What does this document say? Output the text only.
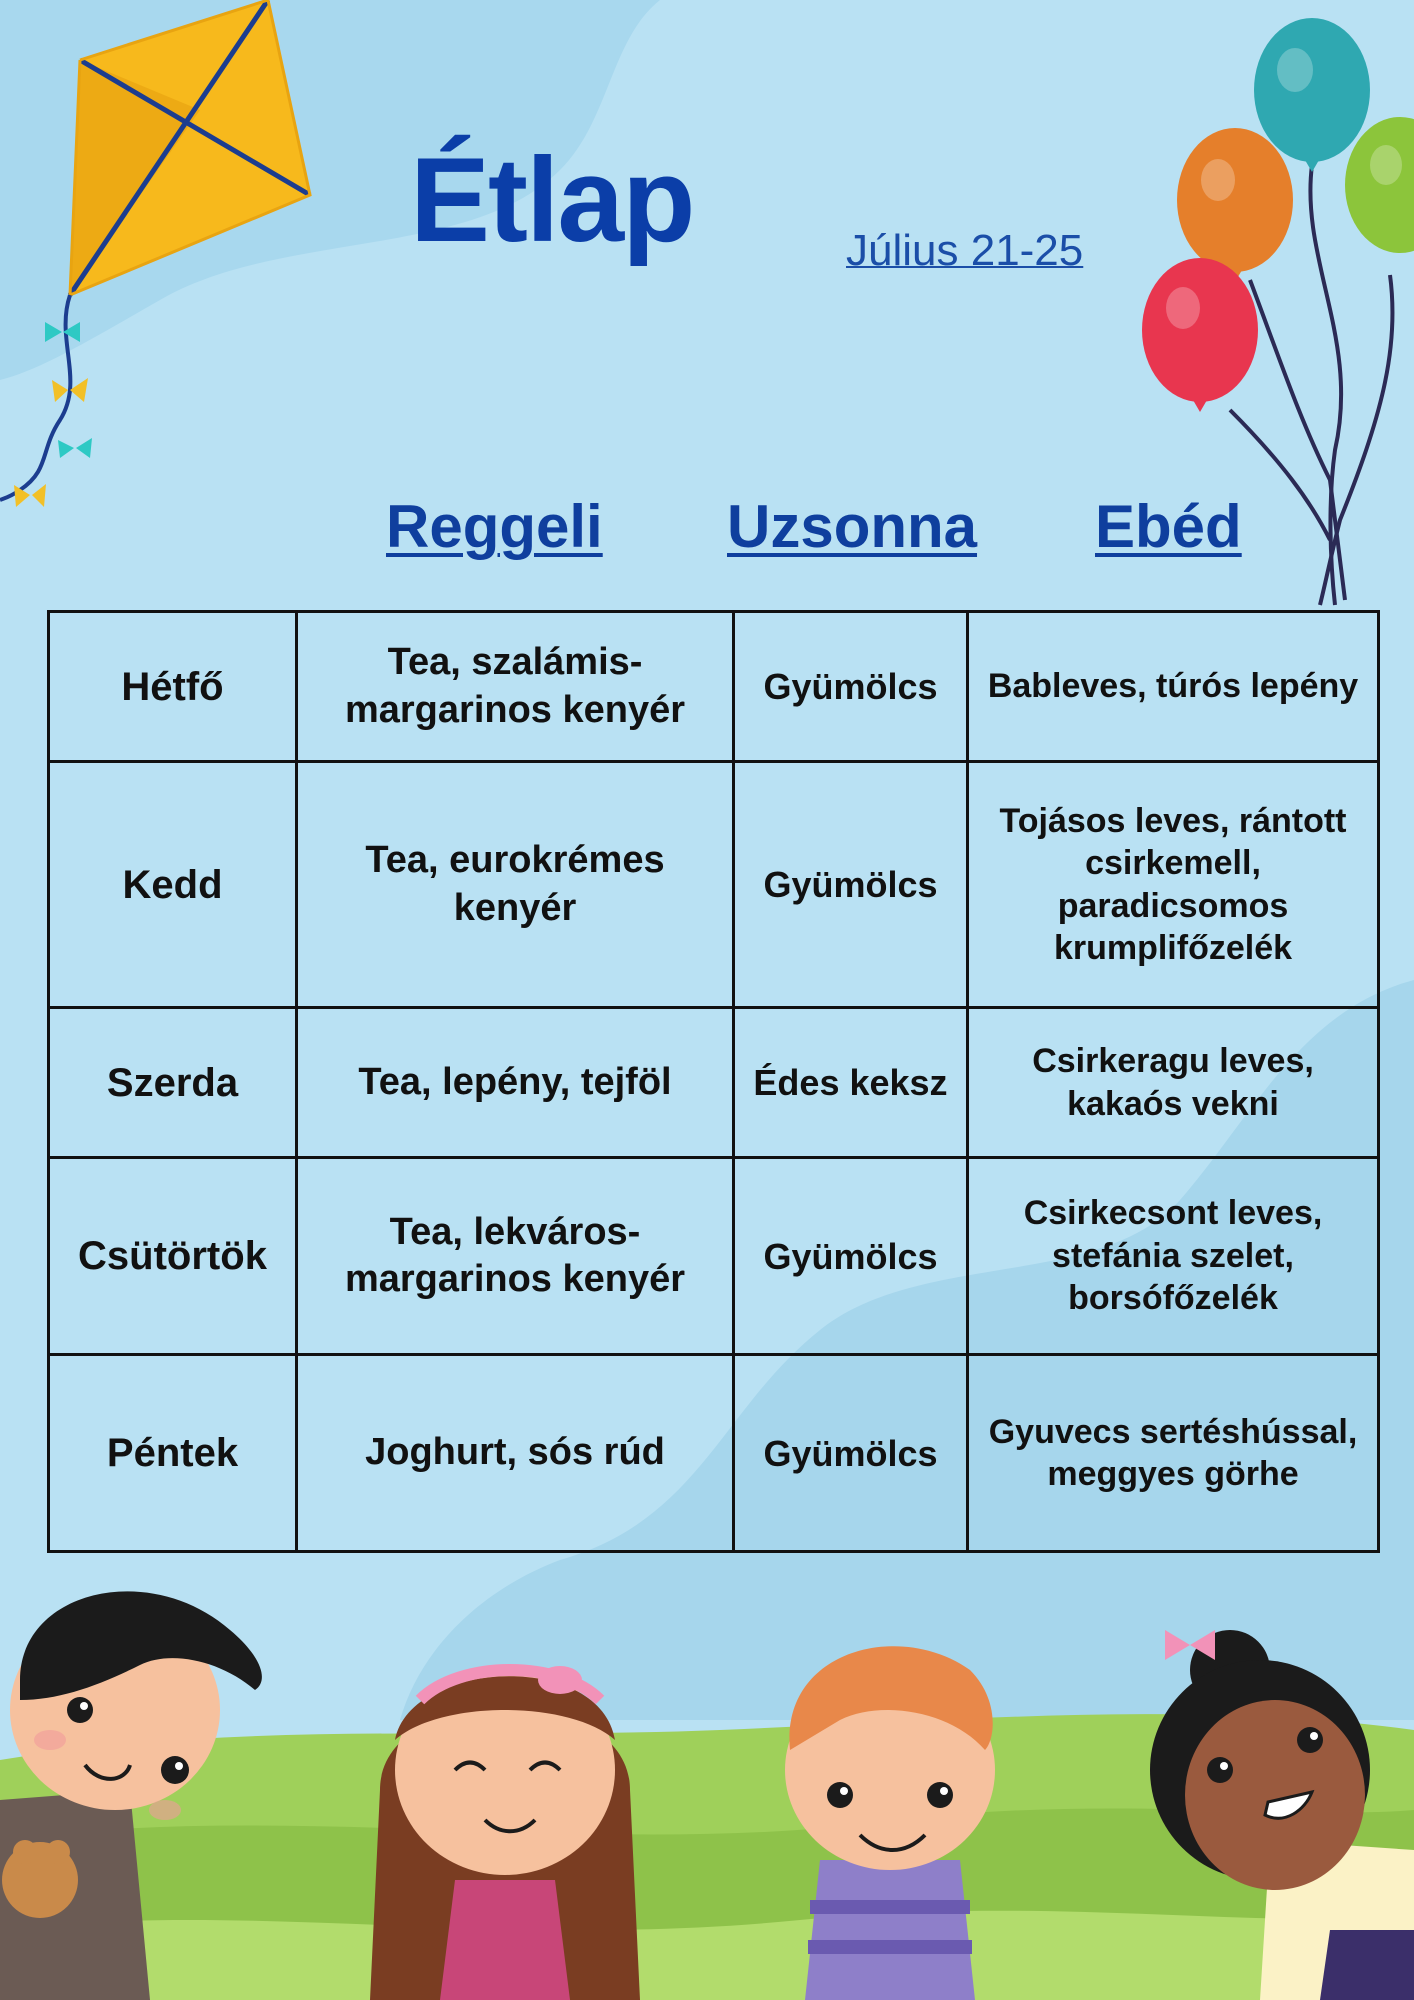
Étlap	Július 21-25
Reggeli Uzsonna Ebéd
Hétfő	Tea, szalámis-margarinos kenyér	Gyümölcs	Bableves, túrós lepény
Kedd	Tea, eurokrémes kenyér	Gyümölcs	Tojásos leves, rántott csirkemell, paradicsomos krumplifőzelék
Szerda	Tea, lepény, tejföl	Édes keksz	Csirkeragu leves, kakaós vekni
Csütörtök	Tea, lekváros-margarinos kenyér	Gyümölcs	Csirkecsont leves, stefánia szelet, borsófőzelék
Péntek	Joghurt, sós rúd	Gyümölcs	Gyuvecs sertéshússal, meggyes görhe
